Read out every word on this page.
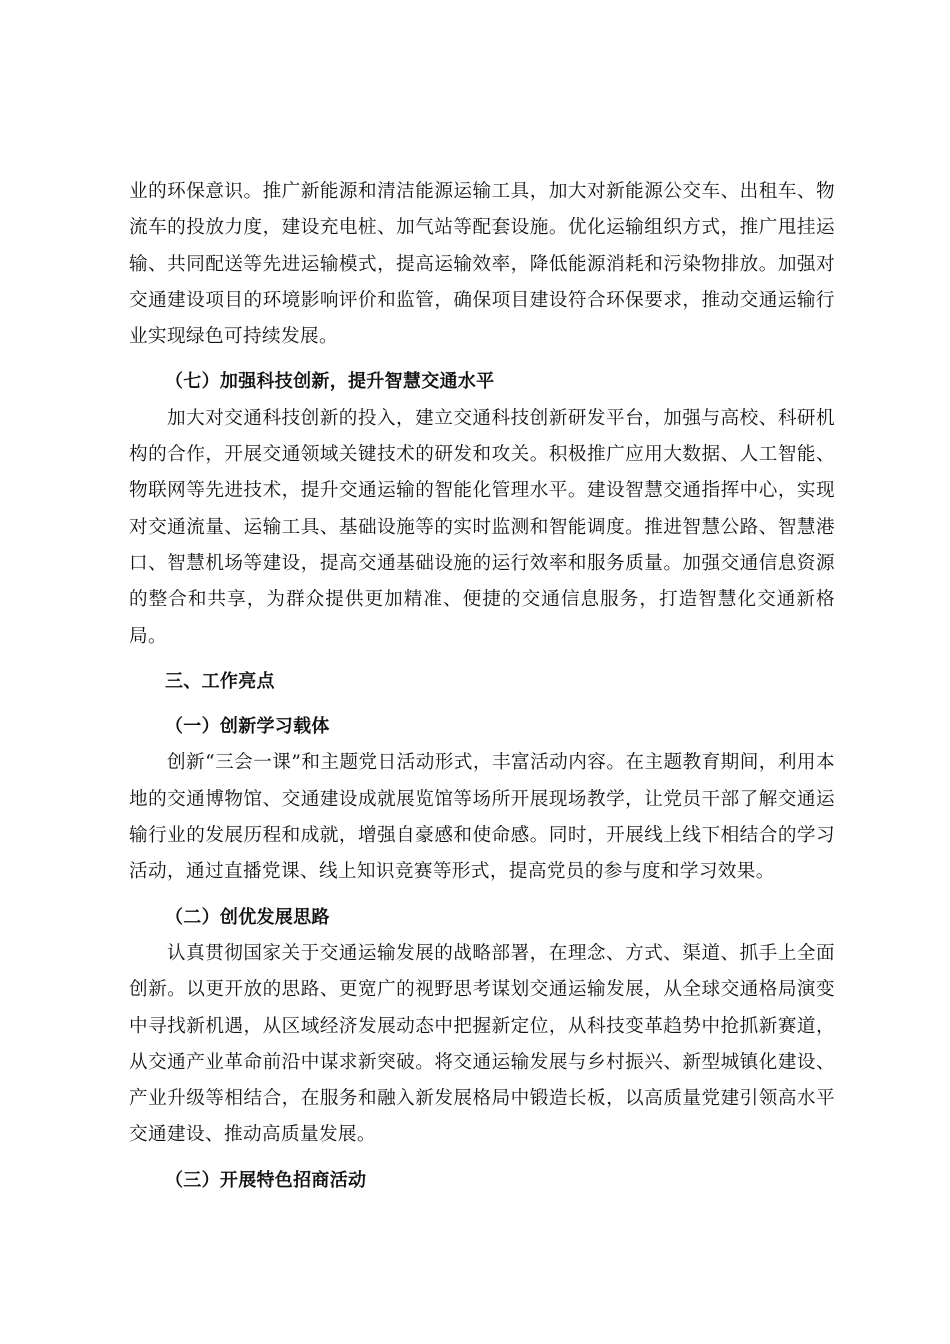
业的环保意识。推广新能源和清洁能源运输工具，加大对新能源公交车、出租车、物流车的投放力度，建设充电桩、加气站等配套设施。优化运输组织方式，推广甩挂运输、共同配送等先进运输模式，提高运输效率，降低能源消耗和污染物排放。加强对交通建设项目的环境影响评价和监管，确保项目建设符合环保要求，推动交通运输行业实现绿色可持续发展。

（七）加强科技创新，提升智慧交通水平

加大对交通科技创新的投入，建立交通科技创新研发平台，加强与高校、科研机构的合作，开展交通领域关键技术的研发和攻关。积极推广应用大数据、人工智能、物联网等先进技术，提升交通运输的智能化管理水平。建设智慧交通指挥中心，实现对交通流量、运输工具、基础设施等的实时监测和智能调度。推进智慧公路、智慧港口、智慧机场等建设，提高交通基础设施的运行效率和服务质量。加强交通信息资源的整合和共享，为群众提供更加精准、便捷的交通信息服务，打造智慧化交通新格局。

三、工作亮点

（一）创新学习载体

创新“三会一课”和主题党日活动形式，丰富活动内容。在主题教育期间，利用本地的交通博物馆、交通建设成就展览馆等场所开展现场教学，让党员干部了解交通运输行业的发展历程和成就，增强自豪感和使命感。同时，开展线上线下相结合的学习活动，通过直播党课、线上知识竞赛等形式，提高党员的参与度和学习效果。

（二）创优发展思路

认真贯彻国家关于交通运输发展的战略部署，在理念、方式、渠道、抓手上全面创新。以更开放的思路、更宽广的视野思考谋划交通运输发展，从全球交通格局演变中寻找新机遇，从区域经济发展动态中把握新定位，从科技变革趋势中抢抓新赛道，从交通产业革命前沿中谋求新突破。将交通运输发展与乡村振兴、新型城镇化建设、产业升级等相结合，在服务和融入新发展格局中锻造长板，以高质量党建引领高水平交通建设、推动高质量发展。

（三）开展特色招商活动
